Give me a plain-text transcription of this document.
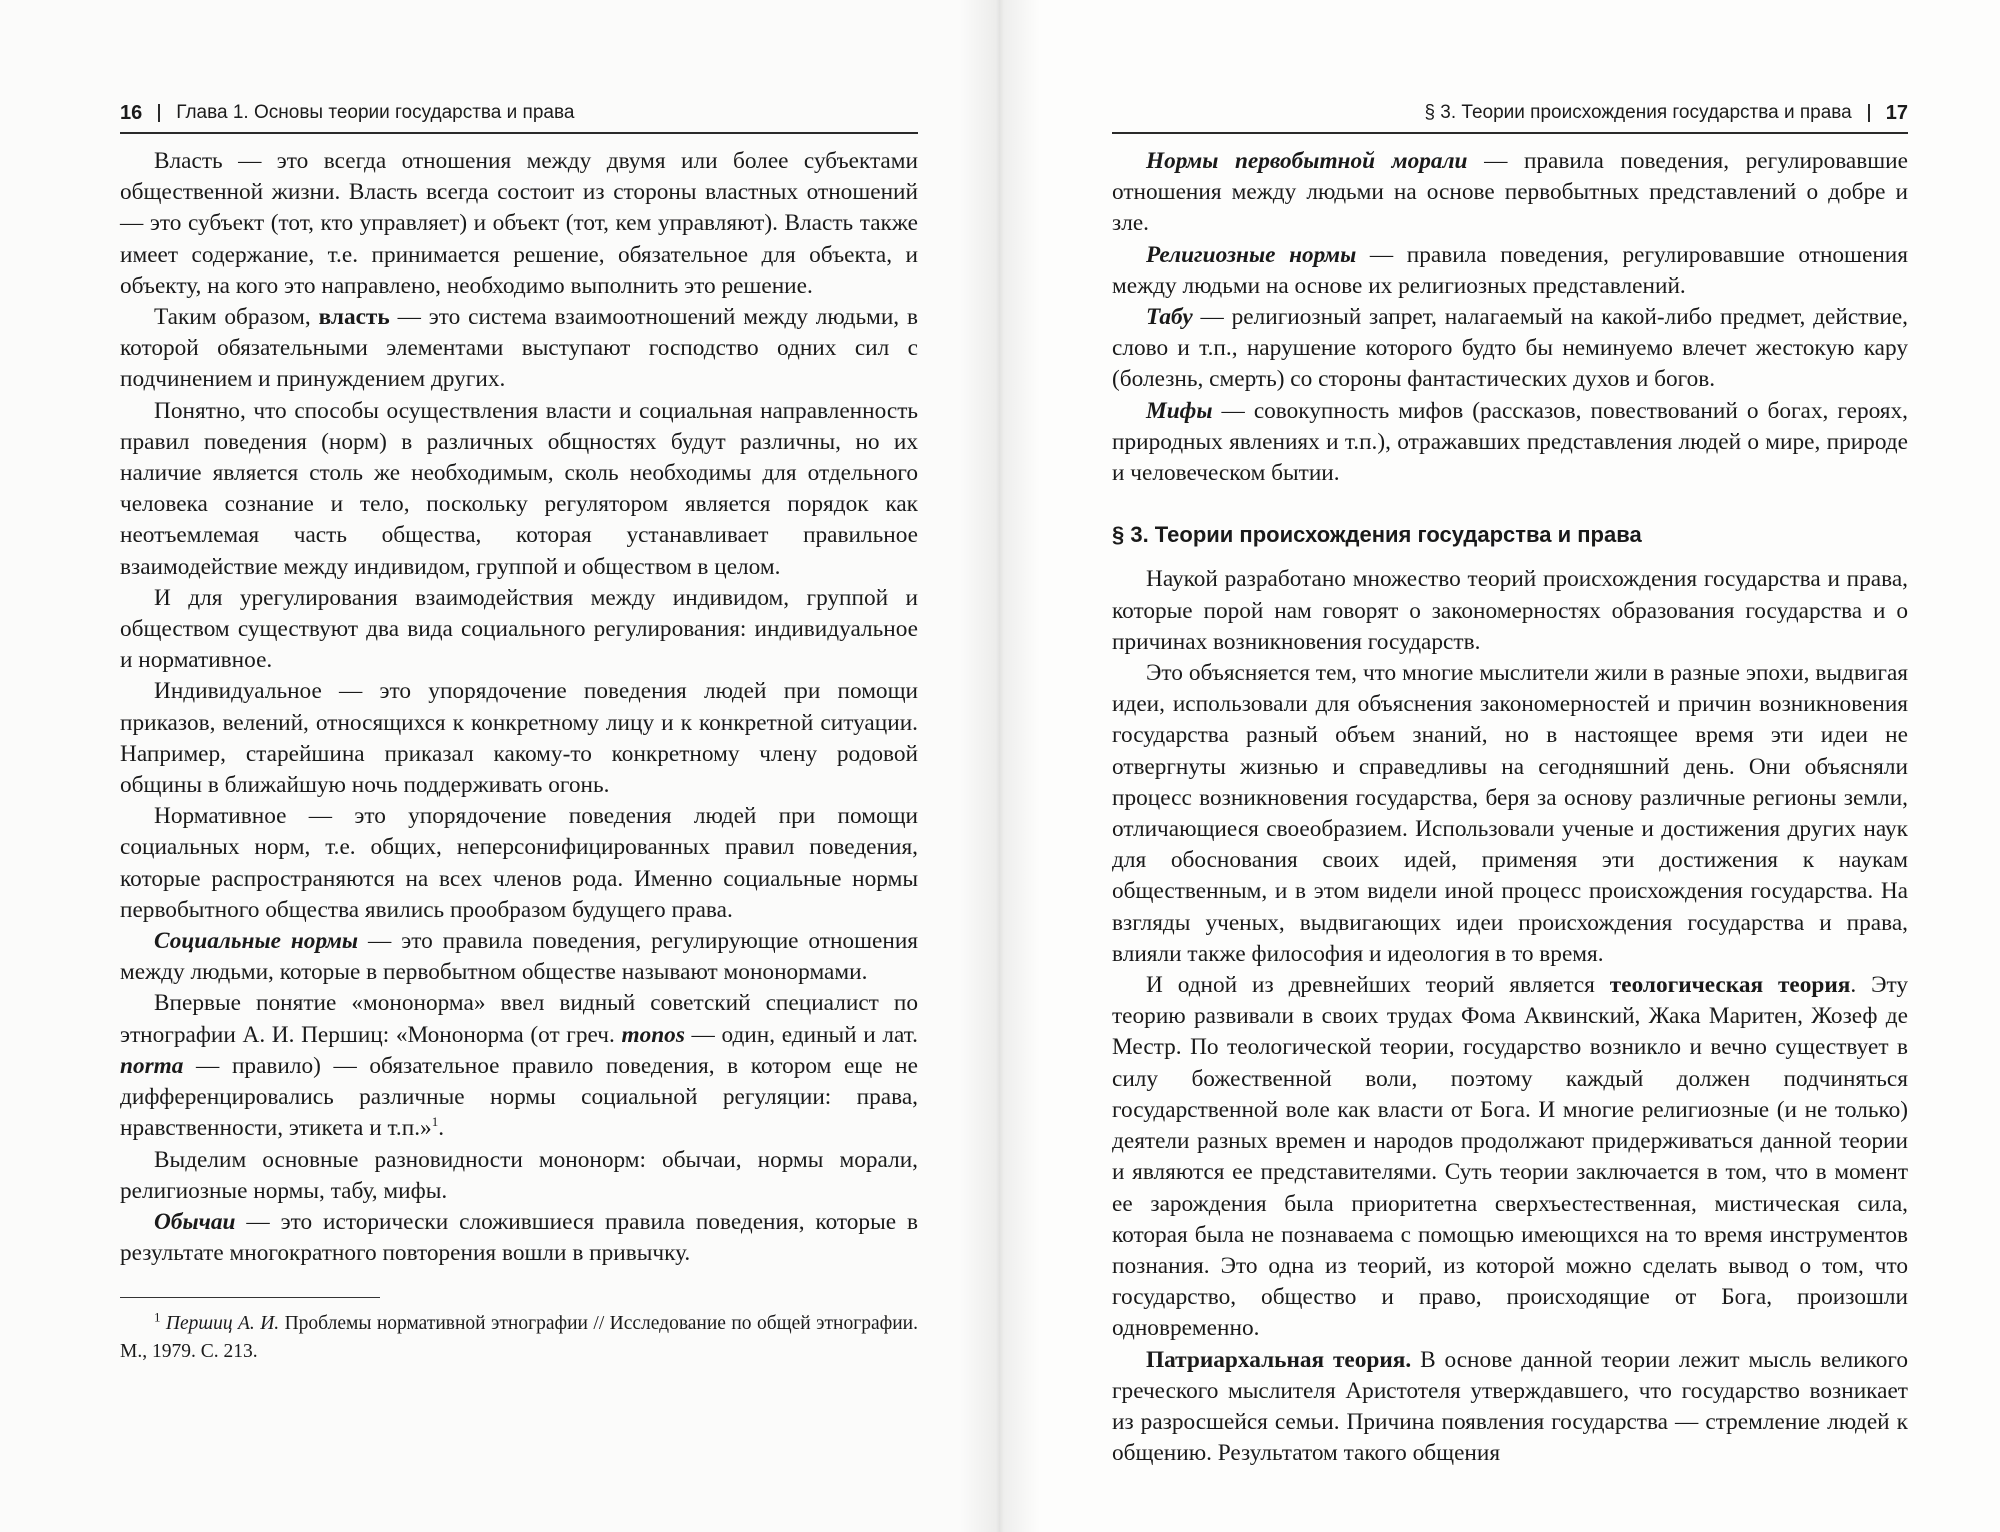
16 Глава 1. Основы теории государства и права

Власть — это всегда отношения между двумя или более субъектами общественной жизни. Власть всегда состоит из стороны властных отношений — это субъект (тот, кто управляет) и объект (тот, кем управляют). Власть также имеет содержание, т.е. принимается решение, обязательное для объекта, и объекту, на кого это направлено, необходимо выполнить это решение.

Таким образом, власть — это система взаимоотношений между людьми, в которой обязательными элементами выступают господство одних сил с подчинением и принуждением других.

Понятно, что способы осуществления власти и социальная направленность правил поведения (норм) в различных общностях будут различны, но их наличие является столь же необходимым, сколь необходимы для отдельного человека сознание и тело, поскольку регулятором является порядок как неотъемлемая часть общества, которая устанавливает правильное взаимодействие между индивидом, группой и обществом в целом.

И для урегулирования взаимодействия между индивидом, группой и обществом существуют два вида социального регулирования: индивидуальное и нормативное.

Индивидуальное — это упорядочение поведения людей при помощи приказов, велений, относящихся к конкретному лицу и к конкретной ситуации. Например, старейшина приказал какому-то конкретному члену родовой общины в ближайшую ночь поддерживать огонь.

Нормативное — это упорядочение поведения людей при помощи социальных норм, т.е. общих, неперсонифицированных правил поведения, которые распространяются на всех членов рода. Именно социальные нормы первобытного общества явились прообразом будущего права.

Социальные нормы — это правила поведения, регулирующие отношения между людьми, которые в первобытном обществе называют мононормами.

Впервые понятие «мононорма» ввел видный советский специалист по этнографии А. И. Першиц: «Мононорма (от греч. monos — один, единый и лат. norma — правило) — обязательное правило поведения, в котором еще не дифференцировались различные нормы социальной регуляции: права, нравственности, этикета и т.п.»$^1$.

Выделим основные разновидности мононорм: обычаи, нормы морали, религиозные нормы, табу, мифы.

Обычаи — это исторически сложившиеся правила поведения, которые в результате многократного повторения вошли в привычку.

$^1$ Першиц А. И. Проблемы нормативной этнографии // Исследование по общей этнографии. М., 1979. С. 213.
§ 3. Теории происхождения государства и права 17

Нормы первобытной морали — правила поведения, регулировавшие отношения между людьми на основе первобытных представлений о добре и зле.

Религиозные нормы — правила поведения, регулировавшие отношения между людьми на основе их религиозных представлений.

Табу — религиозный запрет, налагаемый на какой-либо предмет, действие, слово и т.п., нарушение которого будто бы неминуемо влечет жестокую кару (болезнь, смерть) со стороны фантастических духов и богов.

Мифы — совокупность мифов (рассказов, повествований о богах, героях, природных явлениях и т.п.), отражавших представления людей о мире, природе и человеческом бытии.

§ 3. Теории происхождения государства и права

Наукой разработано множество теорий происхождения государства и права, которые порой нам говорят о закономерностях образования государства и о причинах возникновения государств.

Это объясняется тем, что многие мыслители жили в разные эпохи, выдвигая идеи, использовали для объяснения закономерностей и причин возникновения государства разный объем знаний, но в настоящее время эти идеи не отвергнуты жизнью и справедливы на сегодняшний день. Они объясняли процесс возникновения государства, беря за основу различные регионы земли, отличающиеся своеобразием. Использовали ученые и достижения других наук для обоснования своих идей, применяя эти достижения к наукам общественным, и в этом видели иной процесс происхождения государства. На взгляды ученых, выдвигающих идеи происхождения государства и права, влияли также философия и идеология в то время.

И одной из древнейших теорий является теологическая теория. Эту теорию развивали в своих трудах Фома Аквинский, Жака Маритен, Жозеф де Местр. По теологической теории, государство возникло и вечно существует в силу божественной воли, поэтому каждый должен подчиняться государственной воле как власти от Бога. И многие религиозные (и не только) деятели разных времен и народов продолжают придерживаться данной теории и являются ее представителями. Суть теории заключается в том, что в момент ее зарождения была приоритетна сверхъестественная, мистическая сила, которая была не познаваема с помощью имеющихся на то время инструментов познания. Это одна из теорий, из которой можно сделать вывод о том, что государство, общество и право, происходящие от Бога, произошли одновременно.

Патриархальная теория. В основе данной теории лежит мысль великого греческого мыслителя Аристотеля утверждавшего, что государство возникает из разросшейся семьи. Причина появления государства — стремление людей к общению. Результатом такого общения
